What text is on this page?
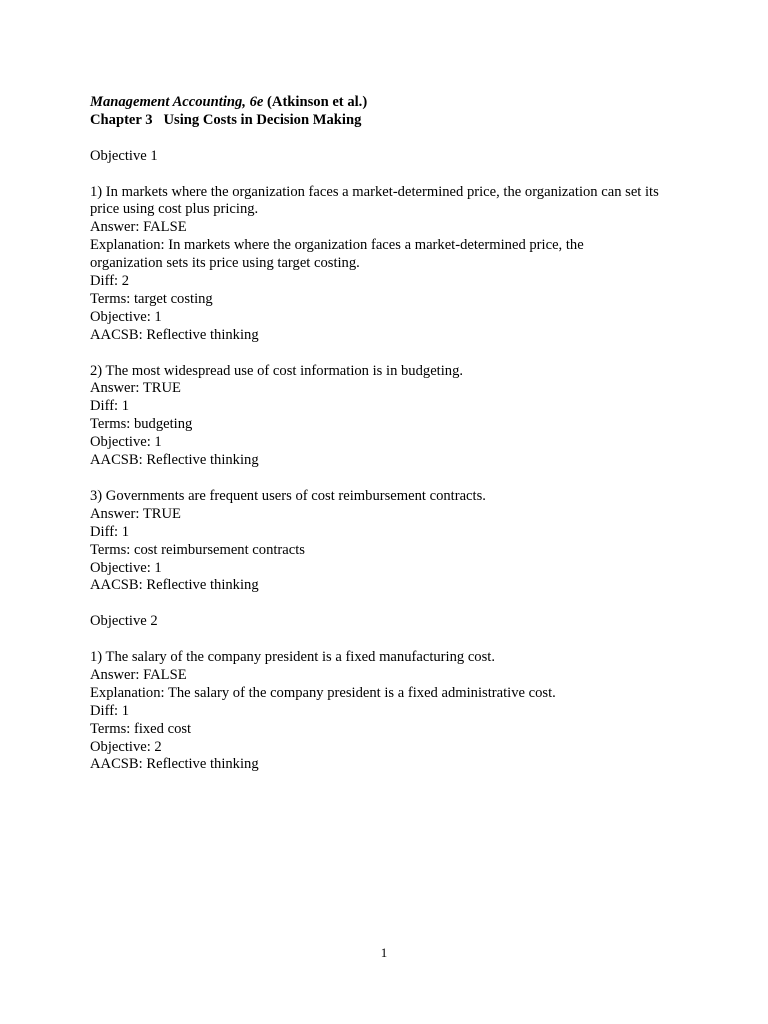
Management Accounting, 6e (Atkinson et al.)
Chapter 3   Using Costs in Decision Making
Objective 1
1) In markets where the organization faces a market-determined price, the organization can set its price using cost plus pricing.
Answer: FALSE
Explanation: In markets where the organization faces a market-determined price, the organization sets its price using target costing.
Diff: 2
Terms: target costing
Objective: 1
AACSB: Reflective thinking
2) The most widespread use of cost information is in budgeting.
Answer: TRUE
Diff: 1
Terms: budgeting
Objective: 1
AACSB: Reflective thinking
3) Governments are frequent users of cost reimbursement contracts.
Answer: TRUE
Diff: 1
Terms: cost reimbursement contracts
Objective: 1
AACSB: Reflective thinking
Objective 2
1) The salary of the company president is a fixed manufacturing cost.
Answer: FALSE
Explanation: The salary of the company president is a fixed administrative cost.
Diff: 1
Terms: fixed cost
Objective: 2
AACSB: Reflective thinking
1
